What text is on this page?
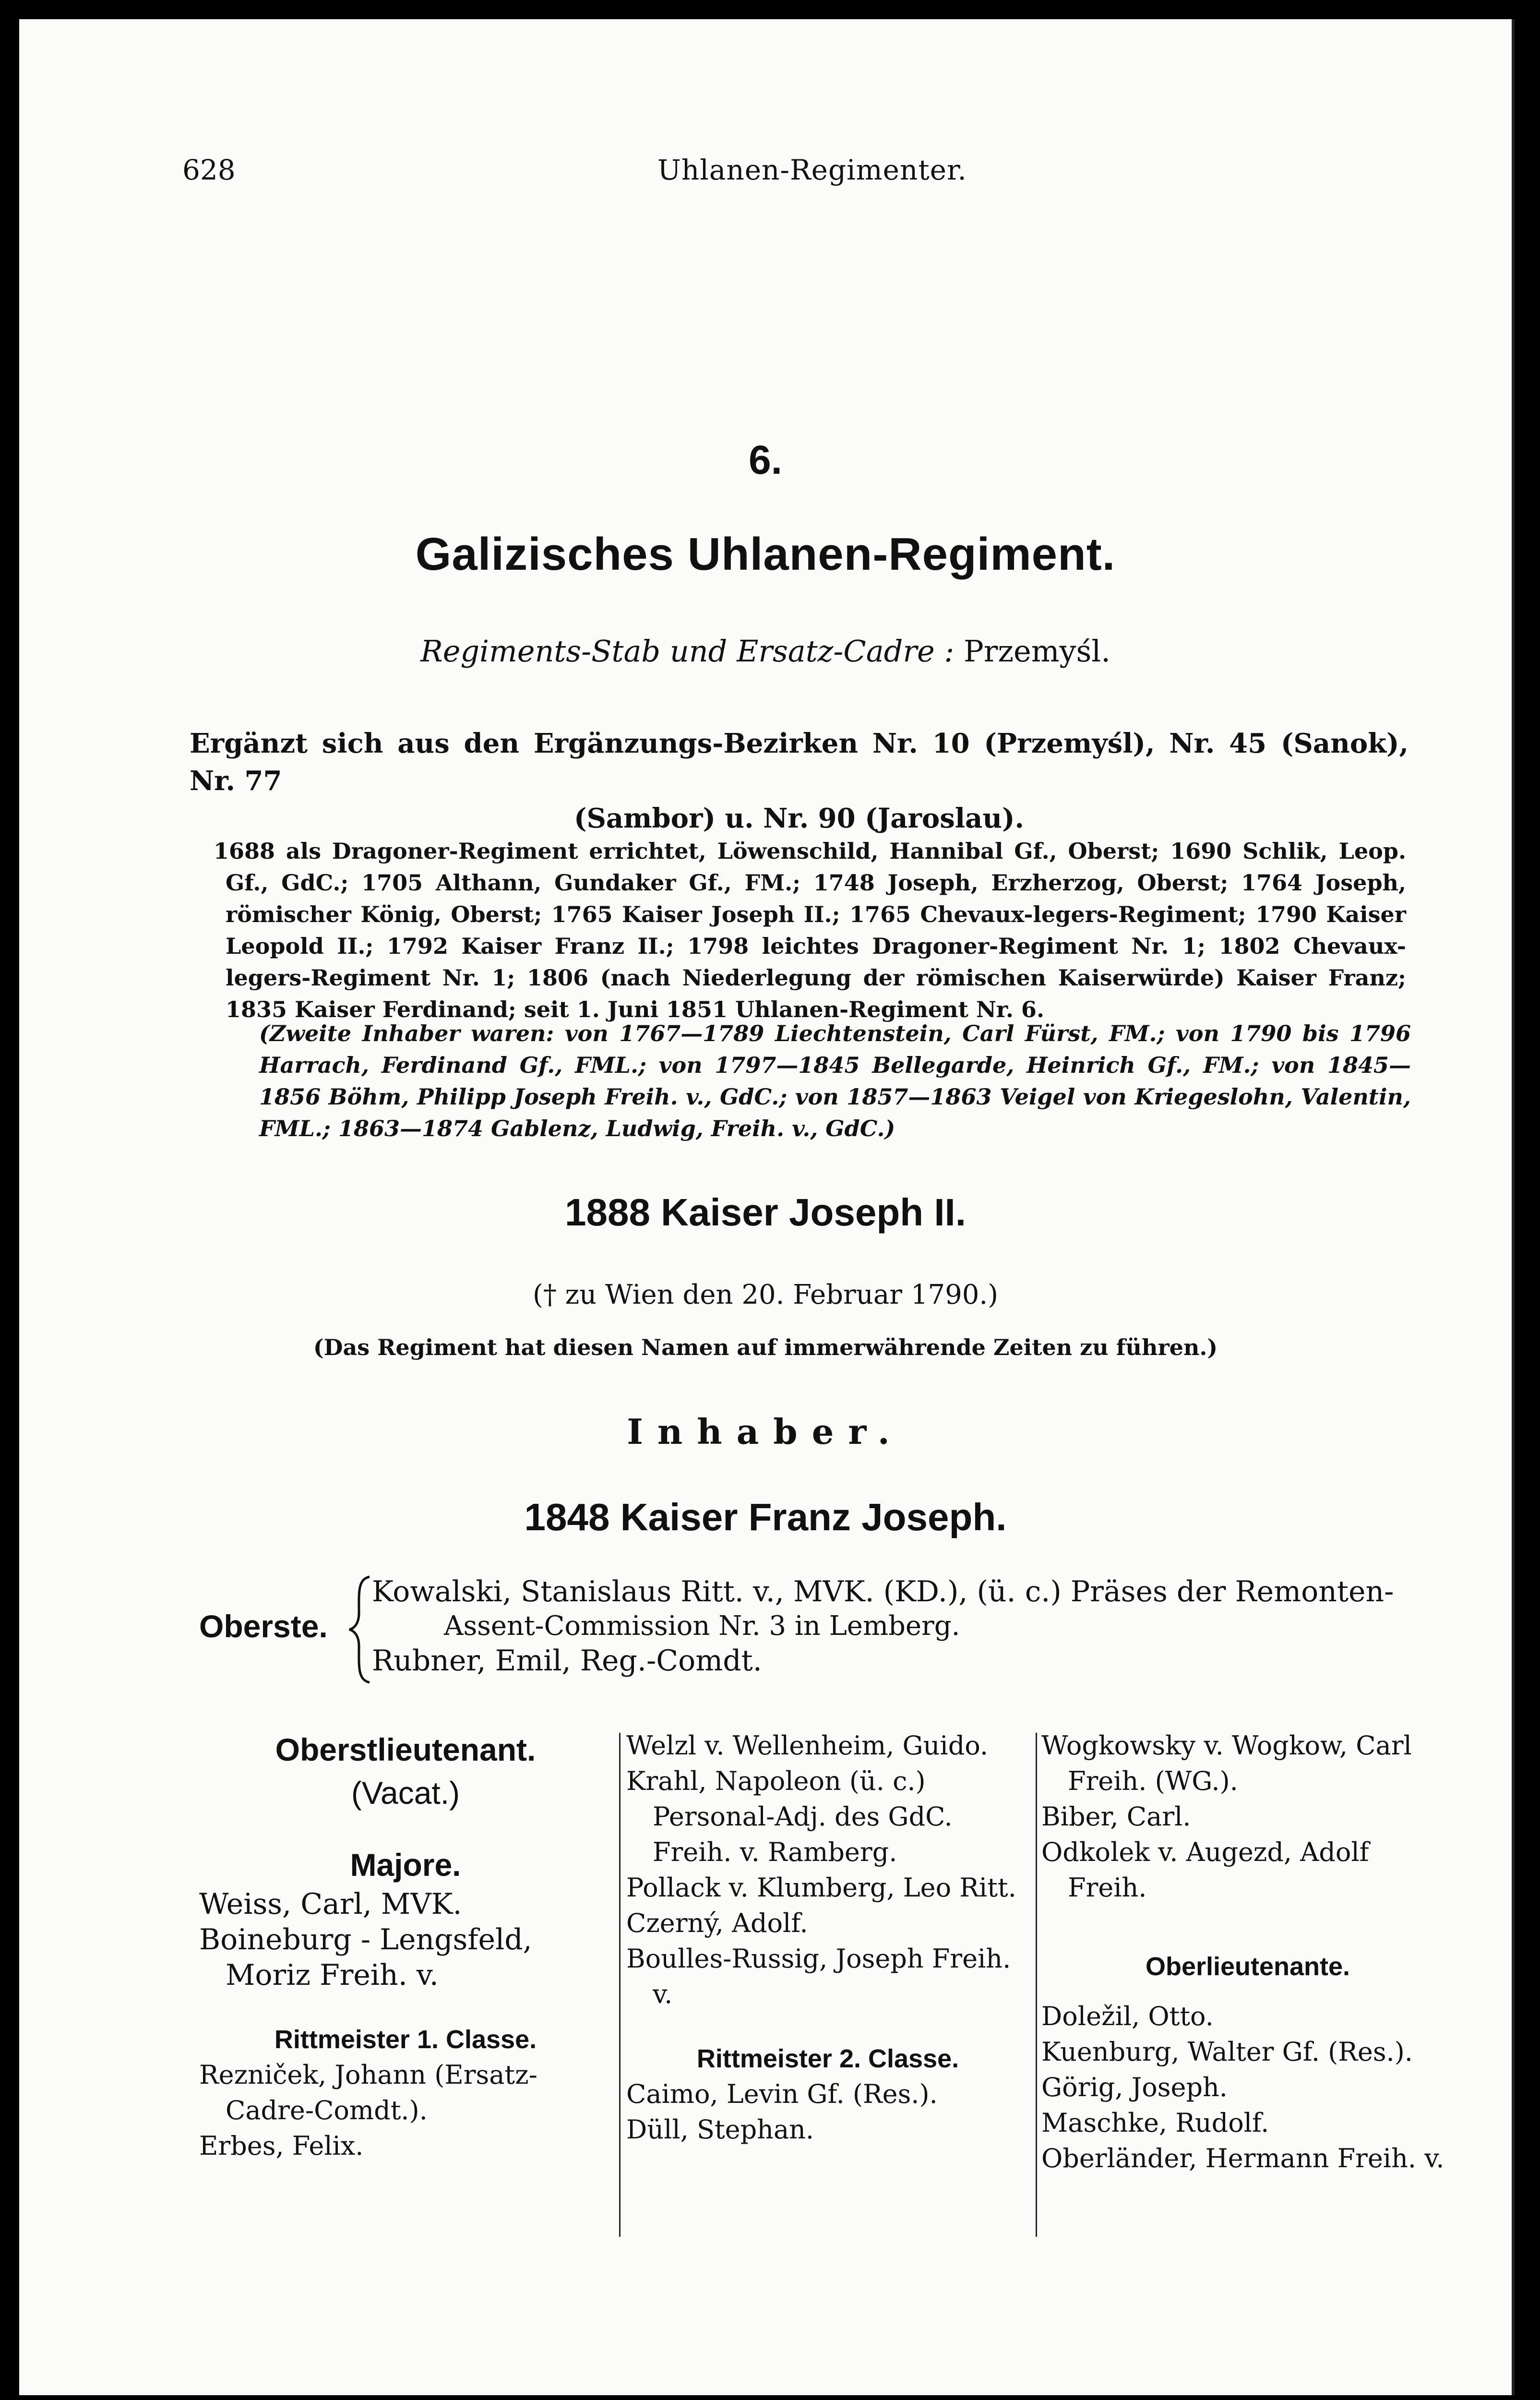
628	Uhlanen-Regimenter.
6.
Galizisches Uhlanen-Regiment.
Regiments-Stab und Ersatz-Cadre : Przemyśl.
Ergänzt sich aus den Ergänzungs-Bezirken Nr. 10 (Przemyśl), Nr. 45 (Sanok), Nr. 77
(Sambor) u. Nr. 90 (Jaroslau).
1688 als Dragoner-Regiment errichtet, Löwenschild, Hannibal Gf., Oberst; 1690 Schlik, Leop. Gf., GdC.; 1705 Althann, Gundaker Gf., FM.; 1748 Joseph, Erzherzog, Oberst; 1764 Joseph, römischer König, Oberst; 1765 Kaiser Joseph II.; 1765 Chevaux-legers-Regiment; 1790 Kaiser Leopold II.; 1792 Kaiser Franz II.; 1798 leichtes Dragoner-Regiment Nr. 1; 1802 Chevaux-legers-Regiment Nr. 1; 1806 (nach Niederlegung der römischen Kaiserwürde) Kaiser Franz; 1835 Kaiser Ferdinand; seit 1. Juni 1851 Uhlanen-Regiment Nr. 6.
(Zweite Inhaber waren: von 1767—1789 Liechtenstein, Carl Fürst, FM.; von 1790 bis 1796 Harrach, Ferdinand Gf., FML.; von 1797—1845 Bellegarde, Heinrich Gf., FM.; von 1845—1856 Böhm, Philipp Joseph Freih. v., GdC.; von 1857—1863 Veigel von Kriegeslohn, Valentin, FML.; 1863—1874 Gablenz, Ludwig, Freih. v., GdC.)
1888 Kaiser Joseph II.
(† zu Wien den 20. Februar 1790.)
(Das Regiment hat diesen Namen auf immerwährende Zeiten zu führen.)
Inhaber.
1848 Kaiser Franz Joseph.
Oberste.
Kowalski, Stanislaus Ritt. v., MVK. (KD.), (ü. c.) Präses der Remonten-
Assent-Commission Nr. 3 in Lemberg.
Rubner, Emil, Reg.-Comdt.
Oberstlieutenant.
(Vacat.)
Majore.
Weiss, Carl, MVK.
Boineburg - Lengsfeld, Moriz Freih. v.
Rittmeister 1. Classe.
Rezniček, Johann (Ersatz-Cadre-Comdt.).
Erbes, Felix.
Welzl v. Wellenheim, Guido.
Krahl, Napoleon (ü. c.) Personal-Adj. des GdC. Freih. v. Ramberg.
Pollack v. Klumberg, Leo Ritt.
Czerný, Adolf.
Boulles-Russig, Joseph Freih. v.
Rittmeister 2. Classe.
Caimo, Levin Gf. (Res.).
Düll, Stephan.
Wogkowsky v. Wogkow, Carl Freih. (WG.).
Biber, Carl.
Odkolek v. Augezd, Adolf Freih.
Oberlieutenante.
Doležil, Otto.
Kuenburg, Walter Gf. (Res.).
Görig, Joseph.
Maschke, Rudolf.
Oberländer, Hermann Freih. v.
